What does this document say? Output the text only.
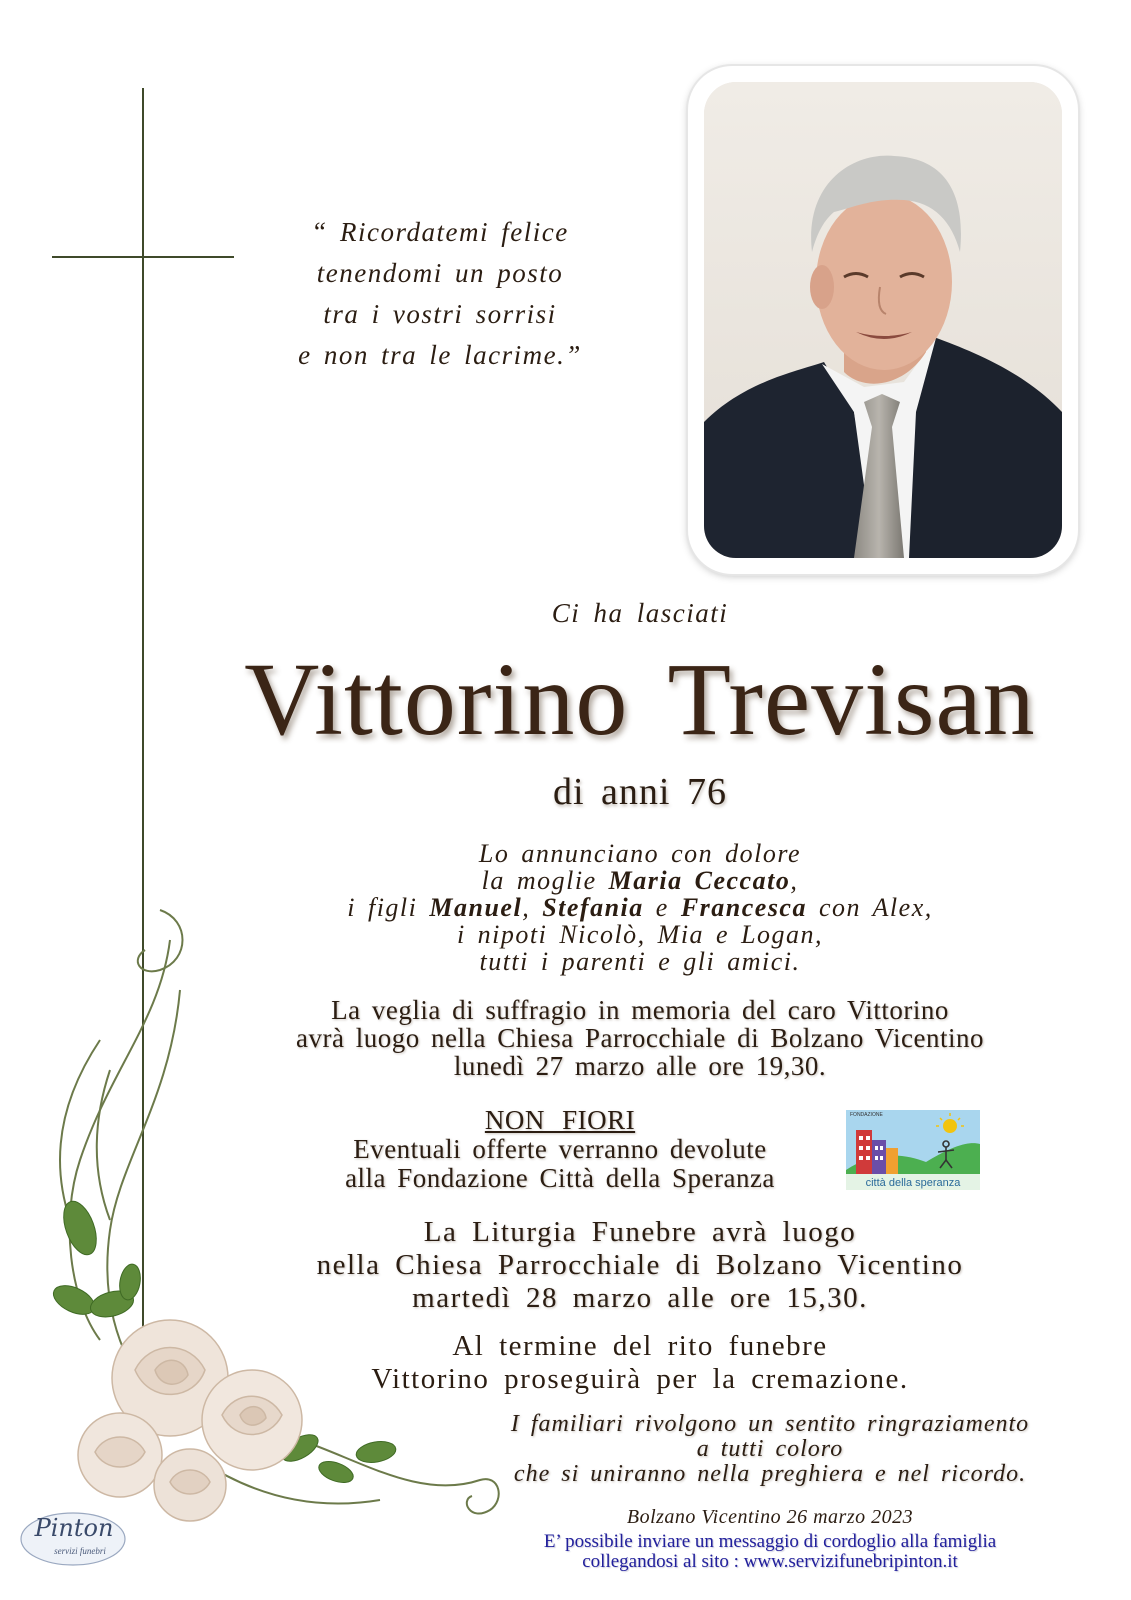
“ Ricordatemi felice
tenendomi un posto
tra i vostri sorrisi
e non tra le lacrime.”
Ci ha lasciati
Vittorino Trevisan
di anni 76
Lo annunciano con dolore
la moglie Maria Ceccato,
i figli Manuel, Stefania e Francesca con Alex,
i nipoti Nicolò, Mia e Logan,
tutti i parenti e gli amici.
La veglia di suffragio in memoria del caro Vittorino
avrà luogo nella Chiesa Parrocchiale di Bolzano Vicentino
lunedì 27 marzo alle ore 19,30.
NON FIORI
Eventuali offerte verranno devolute
alla Fondazione Città della Speranza
FONDAZIONE
città della speranza
La Liturgia Funebre avrà luogo
nella Chiesa Parrocchiale di Bolzano Vicentino
martedì 28 marzo alle ore 15,30.
Al termine del rito funebre
Vittorino proseguirà per la cremazione.
I familiari rivolgono un sentito ringraziamento
a tutti coloro
che si uniranno nella preghiera e nel ricordo.
Bolzano Vicentino 26 marzo 2023
E’ possibile inviare un messaggio di cordoglio alla famiglia
collegandosi al sito : www.servizifunebripinton.it
Pinton
servizi funebri
